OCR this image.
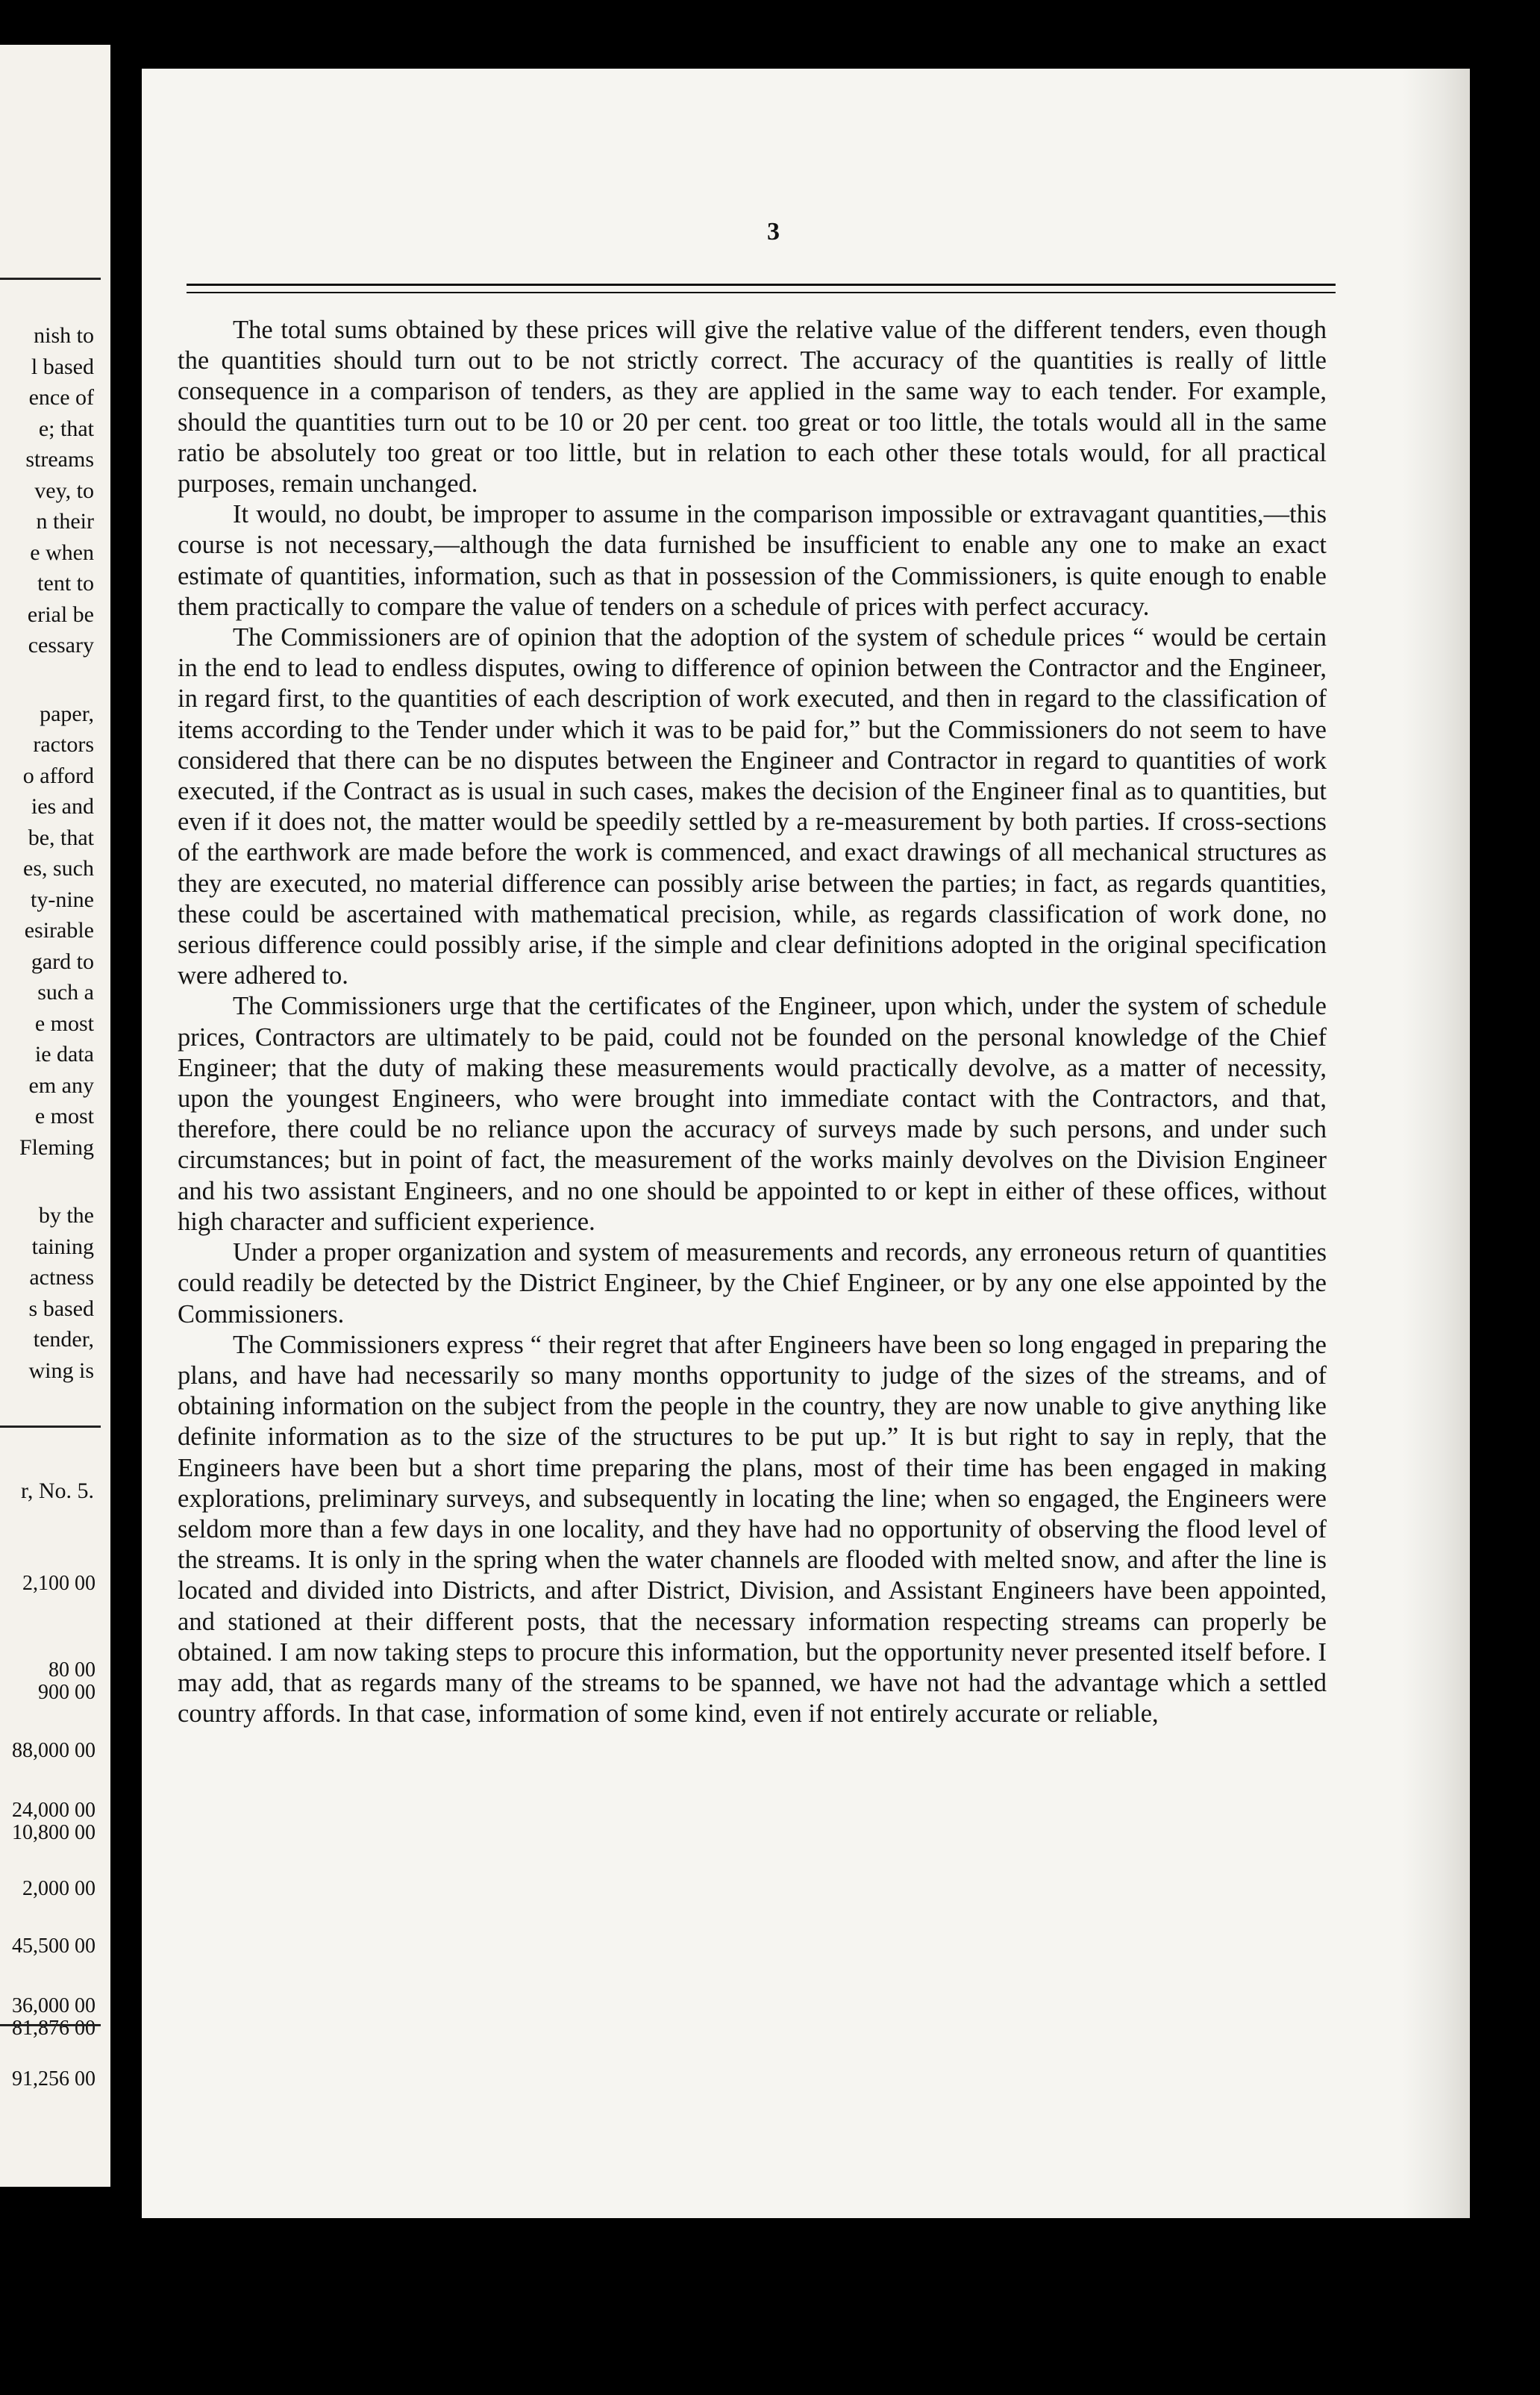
nish to
l based
ence of
e; that
streams
vey, to
n their
e when
tent to
erial be
cessary
paper,
ractors
o afford
ies and
be, that
es, such
ty-nine
esirable
gard to
such a
e most
ie data
em any
e most
Fleming
by the
taining
actness
s based
tender,
wing is
r, No. 5.
2,100 00
80 00
900 00
88,000 00
24,000 00
10,800 00
2,000 00
45,500 00
36,000 00
81,876 00
91,256 00
3

The total sums obtained by these prices will give the relative value of the different tenders, even though the quantities should turn out to be not strictly correct. The accuracy of the quantities is really of little consequence in a comparison of tenders, as they are applied in the same way to each tender. For example, should the quantities turn out to be 10 or 20 per cent. too great or too little, the totals would all in the same ratio be absolutely too great or too little, but in relation to each other these totals would, for all practical purposes, remain unchanged.

It would, no doubt, be improper to assume in the comparison impossible or extravagant quantities,—this course is not necessary,—although the data furnished be insufficient to enable any one to make an exact estimate of quantities, information, such as that in possession of the Commissioners, is quite enough to enable them practically to compare the value of tenders on a schedule of prices with perfect accuracy.

The Commissioners are of opinion that the adoption of the system of schedule prices “ would be certain in the end to lead to endless disputes, owing to difference of opinion between the Contractor and the Engineer, in regard first, to the quantities of each description of work executed, and then in regard to the classification of items according to the Tender under which it was to be paid for,” but the Commissioners do not seem to have considered that there can be no disputes between the Engineer and Contractor in regard to quantities of work executed, if the Contract as is usual in such cases, makes the decision of the Engineer final as to quantities, but even if it does not, the matter would be speedily settled by a re-measurement by both parties. If cross-sections of the earthwork are made before the work is commenced, and exact drawings of all mechanical structures as they are executed, no material difference can possibly arise between the parties; in fact, as regards quantities, these could be ascertained with mathematical precision, while, as regards classification of work done, no serious difference could possibly arise, if the simple and clear definitions adopted in the original specification were adhered to.

The Commissioners urge that the certificates of the Engineer, upon which, under the system of schedule prices, Contractors are ultimately to be paid, could not be founded on the personal knowledge of the Chief Engineer; that the duty of making these measurements would practically devolve, as a matter of necessity, upon the youngest Engineers, who were brought into immediate contact with the Contractors, and that, therefore, there could be no reliance upon the accuracy of surveys made by such persons, and under such circumstances; but in point of fact, the measurement of the works mainly devolves on the Division Engineer and his two assistant Engineers, and no one should be appointed to or kept in either of these offices, without high character and sufficient experience.

Under a proper organization and system of measurements and records, any erroneous return of quantities could readily be detected by the District Engineer, by the Chief Engineer, or by any one else appointed by the Commissioners.

The Commissioners express “ their regret that after Engineers have been so long engaged in preparing the plans, and have had necessarily so many months opportunity to judge of the sizes of the streams, and of obtaining information on the subject from the people in the country, they are now unable to give anything like definite information as to the size of the structures to be put up.” It is but right to say in reply, that the Engineers have been but a short time preparing the plans, most of their time has been engaged in making explorations, preliminary surveys, and subsequently in locating the line; when so engaged, the Engineers were seldom more than a few days in one locality, and they have had no opportunity of observing the flood level of the streams. It is only in the spring when the water channels are flooded with melted snow, and after the line is located and divided into Districts, and after District, Division, and Assistant Engineers have been appointed, and stationed at their different posts, that the necessary information respecting streams can properly be obtained. I am now taking steps to procure this information, but the opportunity never presented itself before. I may add, that as regards many of the streams to be spanned, we have not had the advantage which a settled country affords. In that case, information of some kind, even if not entirely accurate or reliable,
